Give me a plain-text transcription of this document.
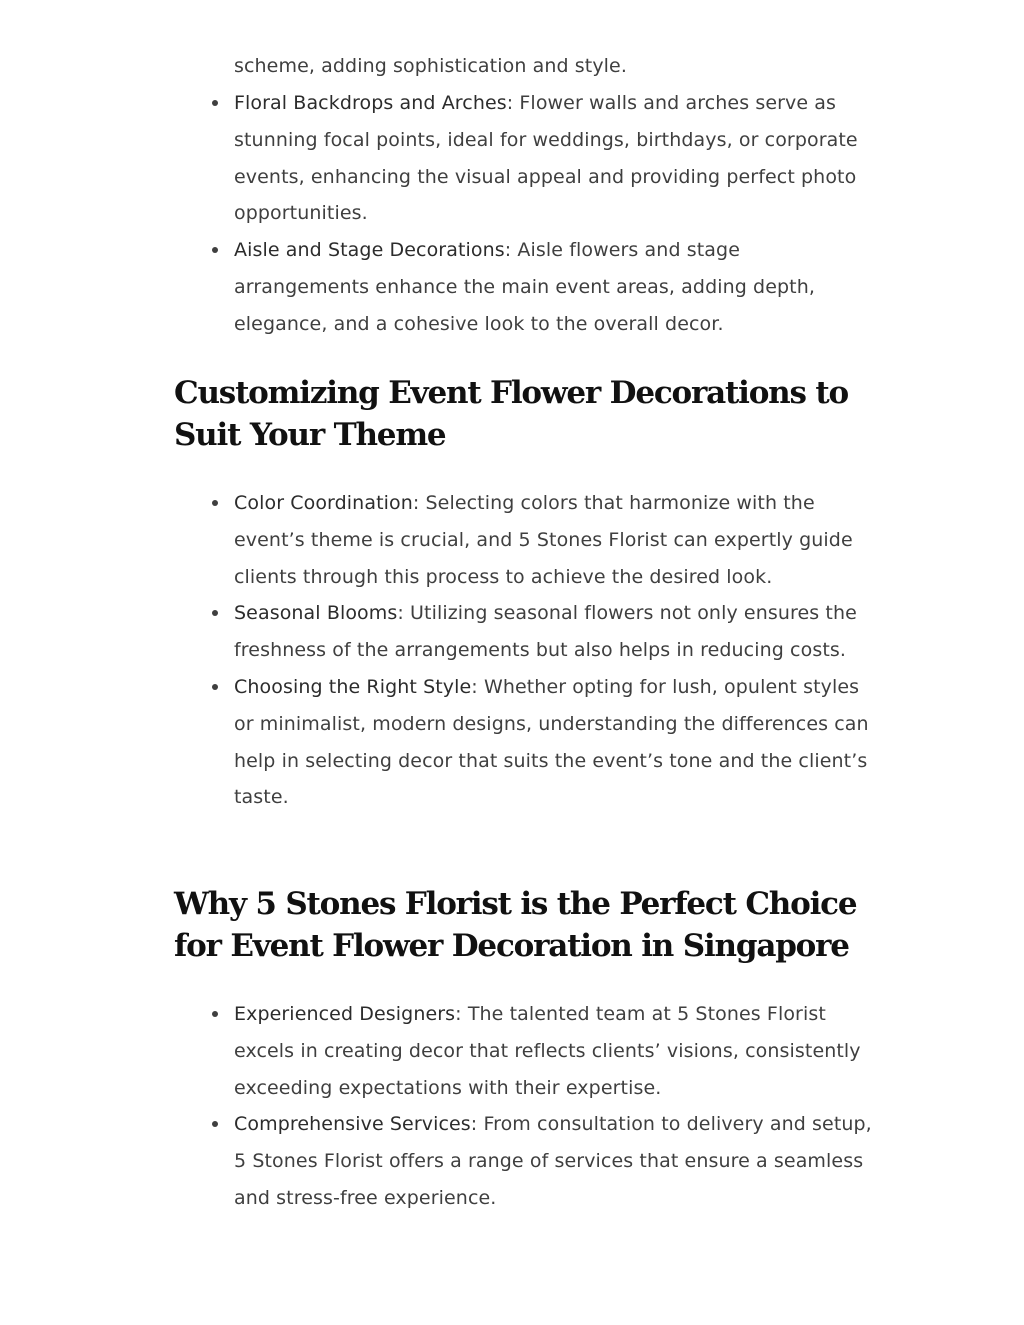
scheme, adding sophistication and style.

Floral Backdrops and Arches: Flower walls and arches serve as stunning focal points, ideal for weddings, birthdays, or corporate events, enhancing the visual appeal and providing perfect photo opportunities.
Aisle and Stage Decorations: Aisle flowers and stage arrangements enhance the main event areas, adding depth, elegance, and a cohesive look to the overall decor.
Customizing Event Flower Decorations to Suit Your Theme
Color Coordination: Selecting colors that harmonize with the event’s theme is crucial, and 5 Stones Florist can expertly guide clients through this process to achieve the desired look.
Seasonal Blooms: Utilizing seasonal flowers not only ensures the freshness of the arrangements but also helps in reducing costs.
Choosing the Right Style: Whether opting for lush, opulent styles or minimalist, modern designs, understanding the differences can help in selecting decor that suits the event’s tone and the client’s taste.
Why 5 Stones Florist is the Perfect Choice for Event Flower Decoration in Singapore
Experienced Designers: The talented team at 5 Stones Florist excels in creating decor that reflects clients’ visions, consistently exceeding expectations with their expertise.
Comprehensive Services: From consultation to delivery and setup, 5 Stones Florist offers a range of services that ensure a seamless and stress-free experience.
